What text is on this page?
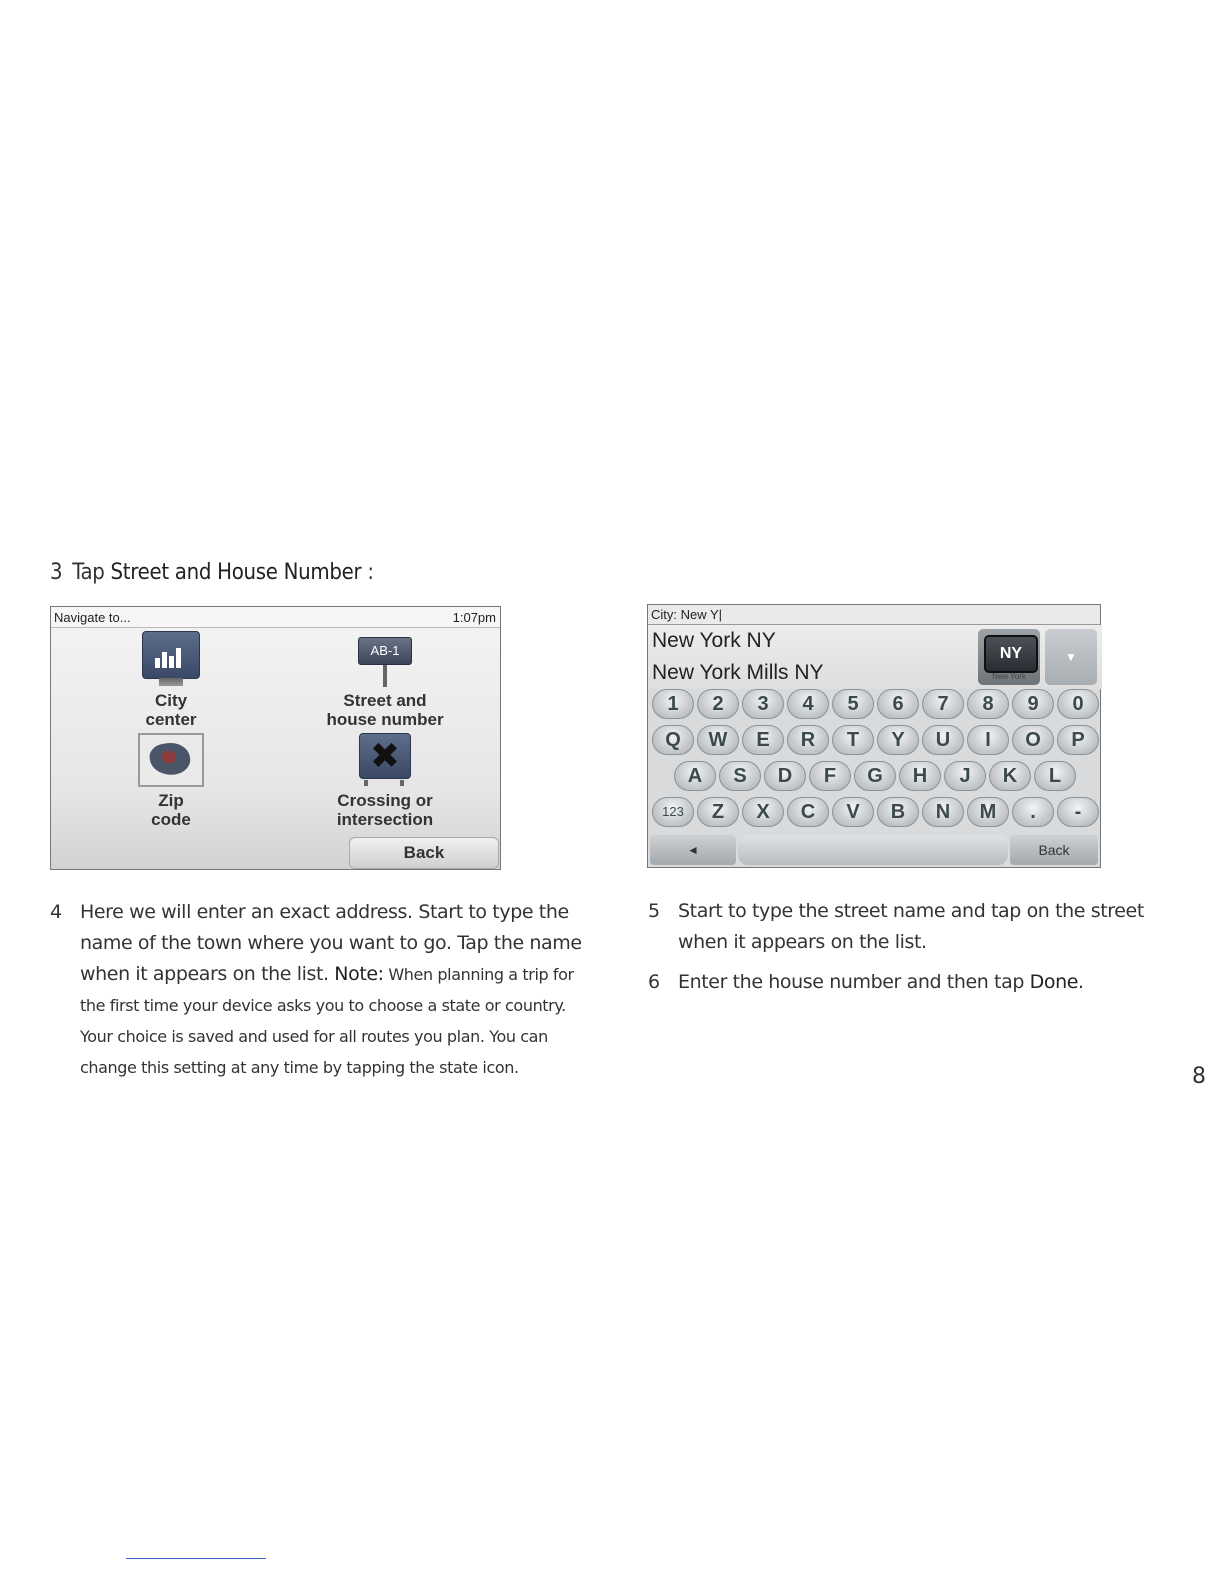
3 Tap Street and House Number :
Navigate to...	1:07pm
City
center
AB-1
Street and
house number
Zip
code
✖
Crossing or
intersection
Back
City: New Y|
New York NY
New York Mills NY
NY
New York
▼
1	2	3	4	5	6	7	8	9	0
Q	W	E	R	T	Y	U	I	O	P
A	S	D	F	G	H	J	K	L
123	Z	X	C	V	B	N	M	.	-
◄	Back
4 Here we will enter an exact address. Start to type the name of the town where you want to go. Tap the name when it appears on the list. Note: When planning a trip for the first time your device asks you to choose a state or country. Your choice is saved and used for all routes you plan. You can change this setting at any time by tapping the state icon.
5 Start to type the street name and tap on the street when it appears on the list.
6 Enter the house number and then tap Done.
8
